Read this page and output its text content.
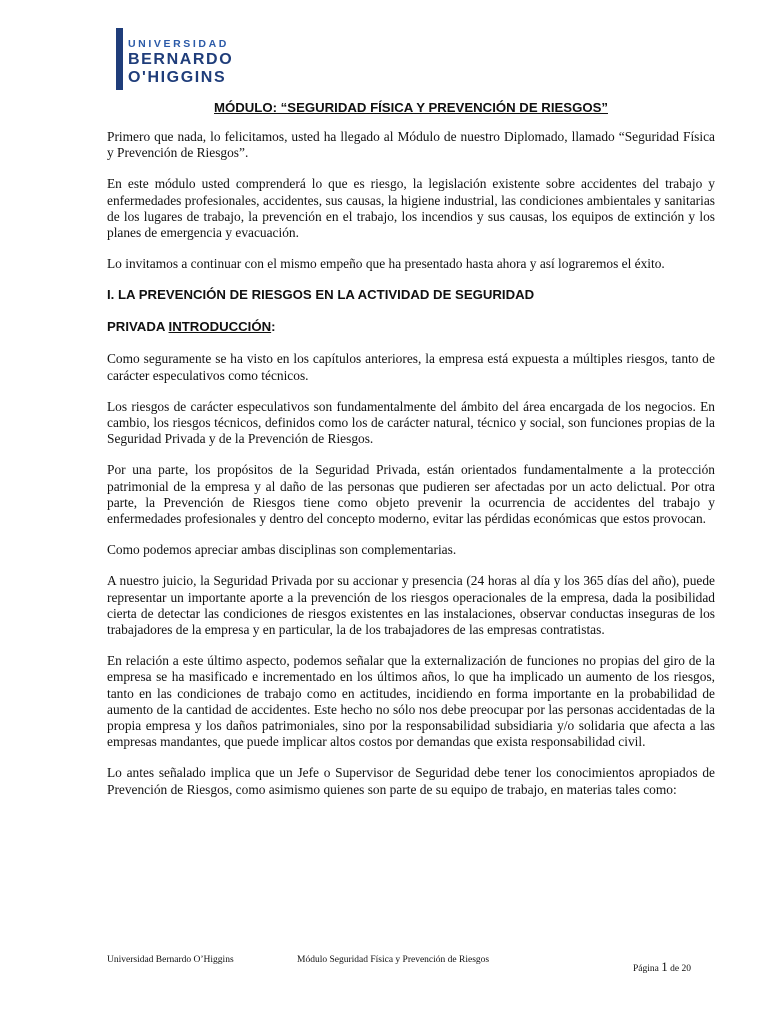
UNIVERSIDAD
BERNARDO
O'HIGGINS
MÓDULO: “SEGURIDAD FÍSICA Y PREVENCIÓN DE RIESGOS”

Primero que nada, lo felicitamos, usted ha llegado al Módulo de nuestro Diplomado, llamado “Seguridad Física y Prevención de Riesgos”.

En este módulo usted comprenderá lo que es riesgo, la legislación existente sobre accidentes del trabajo y enfermedades profesionales, accidentes, sus causas, la higiene industrial, las condiciones ambientales y sanitarias de los lugares de trabajo, la prevención en el trabajo, los incendios y sus causas, los equipos de extinción y los planes de emergencia y evacuación.

Lo invitamos a continuar con el mismo empeño que ha presentado hasta ahora y así lograremos el éxito.

I. LA PREVENCIÓN DE RIESGOS EN LA ACTIVIDAD DE SEGURIDAD
PRIVADA INTRODUCCIÓN:

Como seguramente se ha visto en los capítulos anteriores, la empresa está expuesta a múltiples riesgos, tanto de carácter especulativos como técnicos.

Los riesgos de carácter especulativos son fundamentalmente del ámbito del área encargada de los negocios. En cambio, los riesgos técnicos, definidos como los de carácter natural, técnico y social, son funciones propias de la Seguridad Privada y de la Prevención de Riesgos.

Por una parte, los propósitos de la Seguridad Privada, están orientados fundamentalmente a la protección patrimonial de la empresa y al daño de las personas que pudieren ser afectadas por un acto delictual. Por otra parte, la Prevención de Riesgos tiene como objeto prevenir la ocurrencia de accidentes del trabajo y enfermedades profesionales y dentro del concepto moderno, evitar las pérdidas económicas que estos provocan.

Como podemos apreciar ambas disciplinas son complementarias.

A nuestro juicio, la Seguridad Privada por su accionar y presencia (24 horas al día y los 365 días del año), puede representar un importante aporte a la prevención de los riesgos operacionales de la empresa, dada la posibilidad cierta de detectar las condiciones de riesgos existentes en las instalaciones, observar conductas inseguras de los trabajadores de la empresa y en particular, la de los trabajadores de las empresas contratistas.

En relación a este último aspecto, podemos señalar que la externalización de funciones no propias del giro de la empresa se ha masificado e incrementado en los últimos años, lo que ha implicado un aumento de los riesgos, tanto en las condiciones de trabajo como en actitudes, incidiendo en forma importante en la probabilidad de aumento de la cantidad de accidentes. Este hecho no sólo nos debe preocupar por las personas accidentadas de la propia empresa y los daños patrimoniales, sino por la responsabilidad subsidiaria y/o solidaria que afecta a las empresas mandantes, que puede implicar altos costos por demandas que exista responsabilidad civil.

Lo antes señalado implica que un Jefe o Supervisor de Seguridad debe tener los conocimientos apropiados de Prevención de Riesgos, como asimismo quienes son parte de su equipo de trabajo, en materias tales como:

Universidad Bernardo O’Higgins	Módulo Seguridad Física y Prevención de Riesgos
Página 1 de 20
